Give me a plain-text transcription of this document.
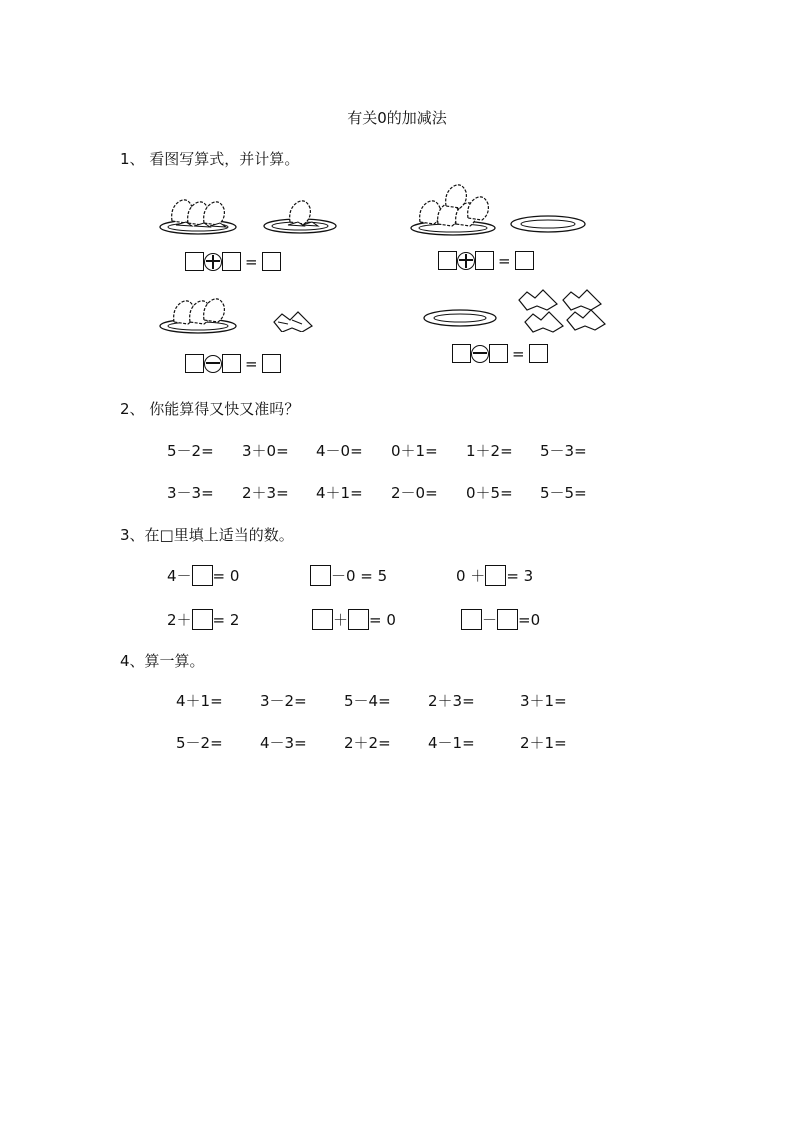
有关0的加减法
1、 看图写算式，并计算。
=	=
=
=
2、 你能算得又快又准吗？
5－2= 3＋0= 4－0= 0＋1= 1＋2= 5－3=
3－3= 2＋3= 4＋1= 2－0= 0＋5= 5－5=
3、在□里填上适当的数。
4－ = 0	－0 = 5	0 ＋ = 3
2＋ = 2	＋ = 0	－ =0
4、算一算。
4＋1= 3－2= 5－4= 2＋3=	3＋1=
5－2= 4－3= 2＋2= 4－1=	2＋1=
